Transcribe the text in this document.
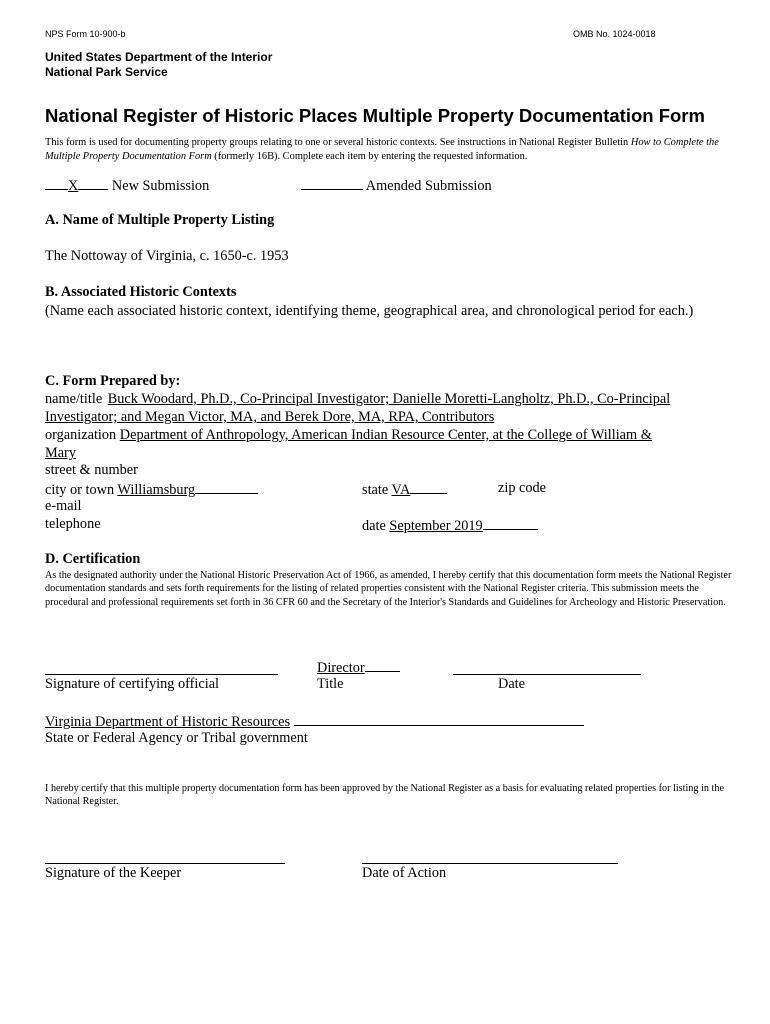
NPS Form 10-900-b	OMB No. 1024-0018
United States Department of the Interior
National Park Service
National Register of Historic Places Multiple Property Documentation Form
This form is used for documenting property groups relating to one or several historic contexts. See instructions in National Register Bulletin How to Complete the Multiple Property Documentation Form (formerly 16B). Complete each item by entering the requested information.
X New Submission	Amended Submission
A. Name of Multiple Property Listing
The Nottoway of Virginia, c. 1650-c. 1953
B. Associated Historic Contexts
(Name each associated historic context, identifying theme, geographical area, and chronological period for each.)
C. Form Prepared by:
name/title Buck Woodard, Ph.D., Co-Principal Investigator; Danielle Moretti-Langholtz, Ph.D., Co-Principal
Investigator; and Megan Victor, MA, and Berek Dore, MA, RPA, Contributors
organization Department of Anthropology, American Indian Resource Center, at the College of William &
Mary
street & number
city or town Williamsburg	state VA	zip code
e-mail
telephone	date September 2019
D. Certification
As the designated authority under the National Historic Preservation Act of 1966, as amended, I hereby certify that this documentation form meets the National Register documentation standards and sets forth requirements for the listing of related properties consistent with the National Register criteria. This submission meets the procedural and professional requirements set forth in 36 CFR 60 and the Secretary of the Interior's Standards and Guidelines for Archeology and Historic Preservation.
Director
Signature of certifying official	Title	Date
Virginia Department of Historic Resources
State or Federal Agency or Tribal government
I hereby certify that this multiple property documentation form has been approved by the National Register as a basis for evaluating related properties for listing in the National Register.
Signature of the Keeper	Date of Action
